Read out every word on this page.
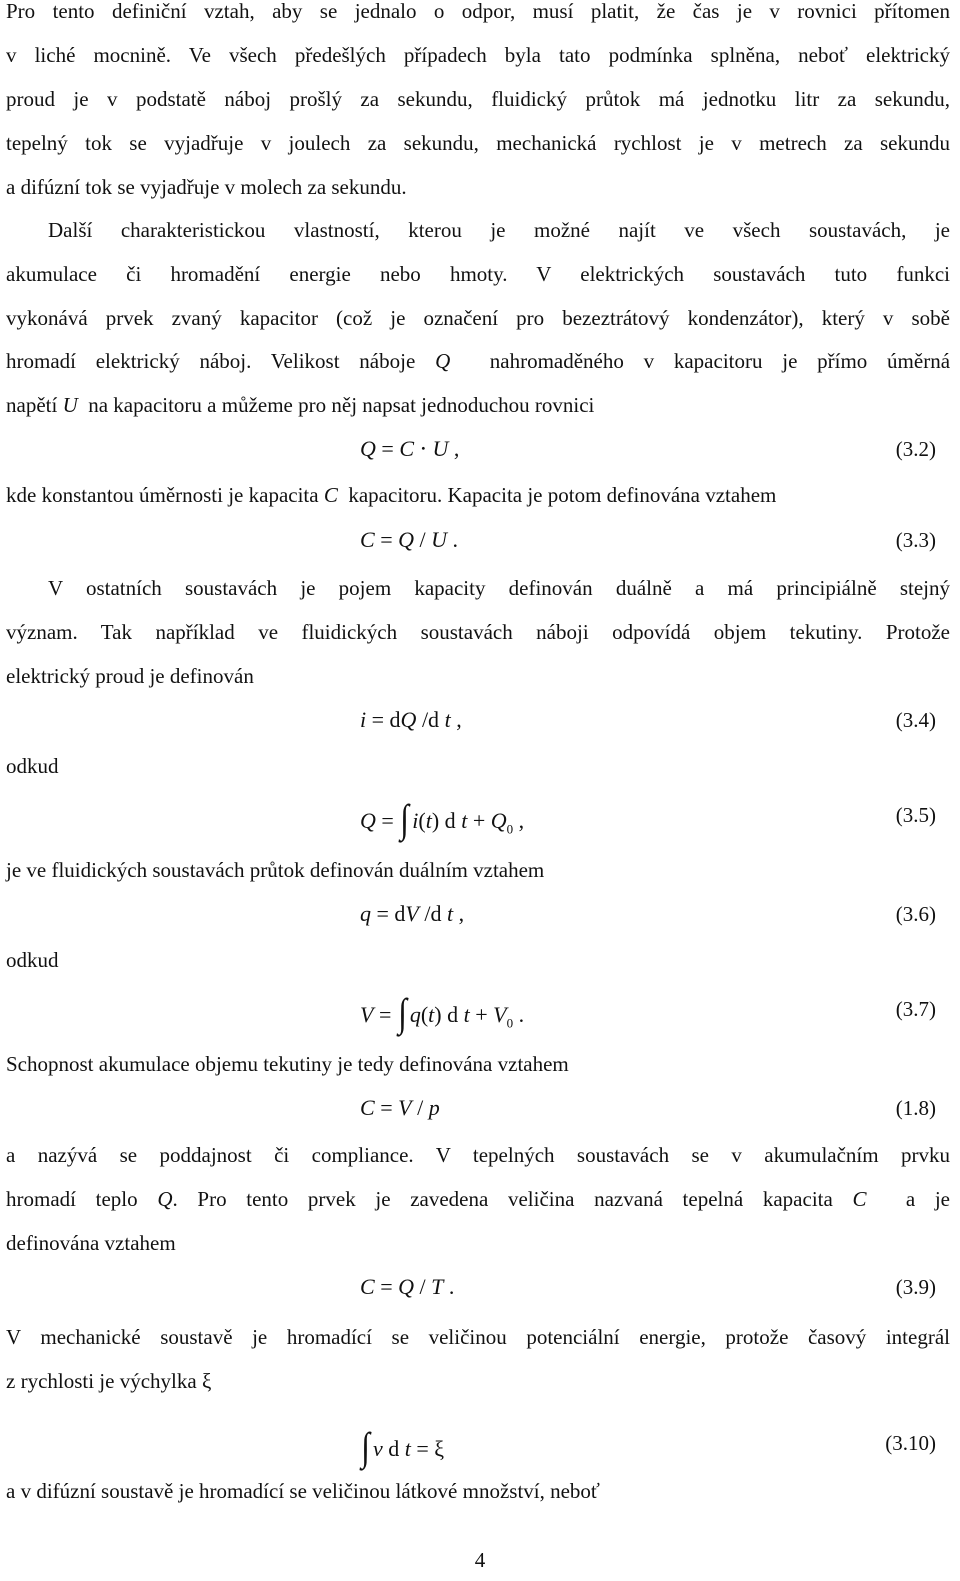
Pro tento definiční vztah, aby se jednalo o odpor, musí platit, že čas je v rovnici přítomen

v liché mocnině. Ve všech předešlých případech byla tato podmínka splněna, neboť elektrický

proud je v podstatě náboj prošlý za sekundu, fluidický průtok má jednotku litr za sekundu,

tepelný tok se vyjadřuje v joulech za sekundu, mechanická rychlost je v metrech za sekundu

a difúzní tok se vyjadřuje v molech za sekundu.

Další charakteristickou vlastností, kterou je možné najít ve všech soustavách, je

akumulace či hromadění energie nebo hmoty. V elektrických soustavách tuto funkci

vykonává prvek zvaný kapacitor (což je označení pro bezeztrátový kondenzátor), který v sobě

hromadí elektrický náboj. Velikost náboje Q nahromaděného v kapacitoru je přímo úměrná

napětí U na kapacitoru a můžeme pro něj napsat jednoduchou rovnici

Q = C ⋅ U ,	(3.2)

kde konstantou úměrnosti je kapacita C kapacitoru. Kapacita je potom definována vztahem

C = Q / U .	(3.3)

V ostatních soustavách je pojem kapacity definován duálně a má principiálně stejný

význam. Tak například ve fluidických soustavách náboji odpovídá objem tekutiny. Protože

elektrický proud je definován

i = dQ /d t ,	(3.4)

odkud

Q = ∫ i(t) d $t + Q_0$ ,	(3.5)

je ve fluidických soustavách průtok definován duálním vztahem

q = dV /d t ,	(3.6)

odkud

V = ∫ q(t) d $t + V_0$ .	(3.7)

Schopnost akumulace objemu tekutiny je tedy definována vztahem

C = V / p	(1.8)

a nazývá se poddajnost či compliance. V tepelných soustavách se v akumulačním prvku

hromadí teplo Q. Pro tento prvek je zavedena veličina nazvaná tepelná kapacita C a je

definována vztahem

C = Q / T .	(3.9)

V mechanické soustavě je hromadící se veličinou potenciální energie, protože časový integrál

z rychlosti je výchylka ξ

∫ v d t = ξ	(3.10)

a v difúzní soustavě je hromadící se veličinou látkové množství, neboť

4
